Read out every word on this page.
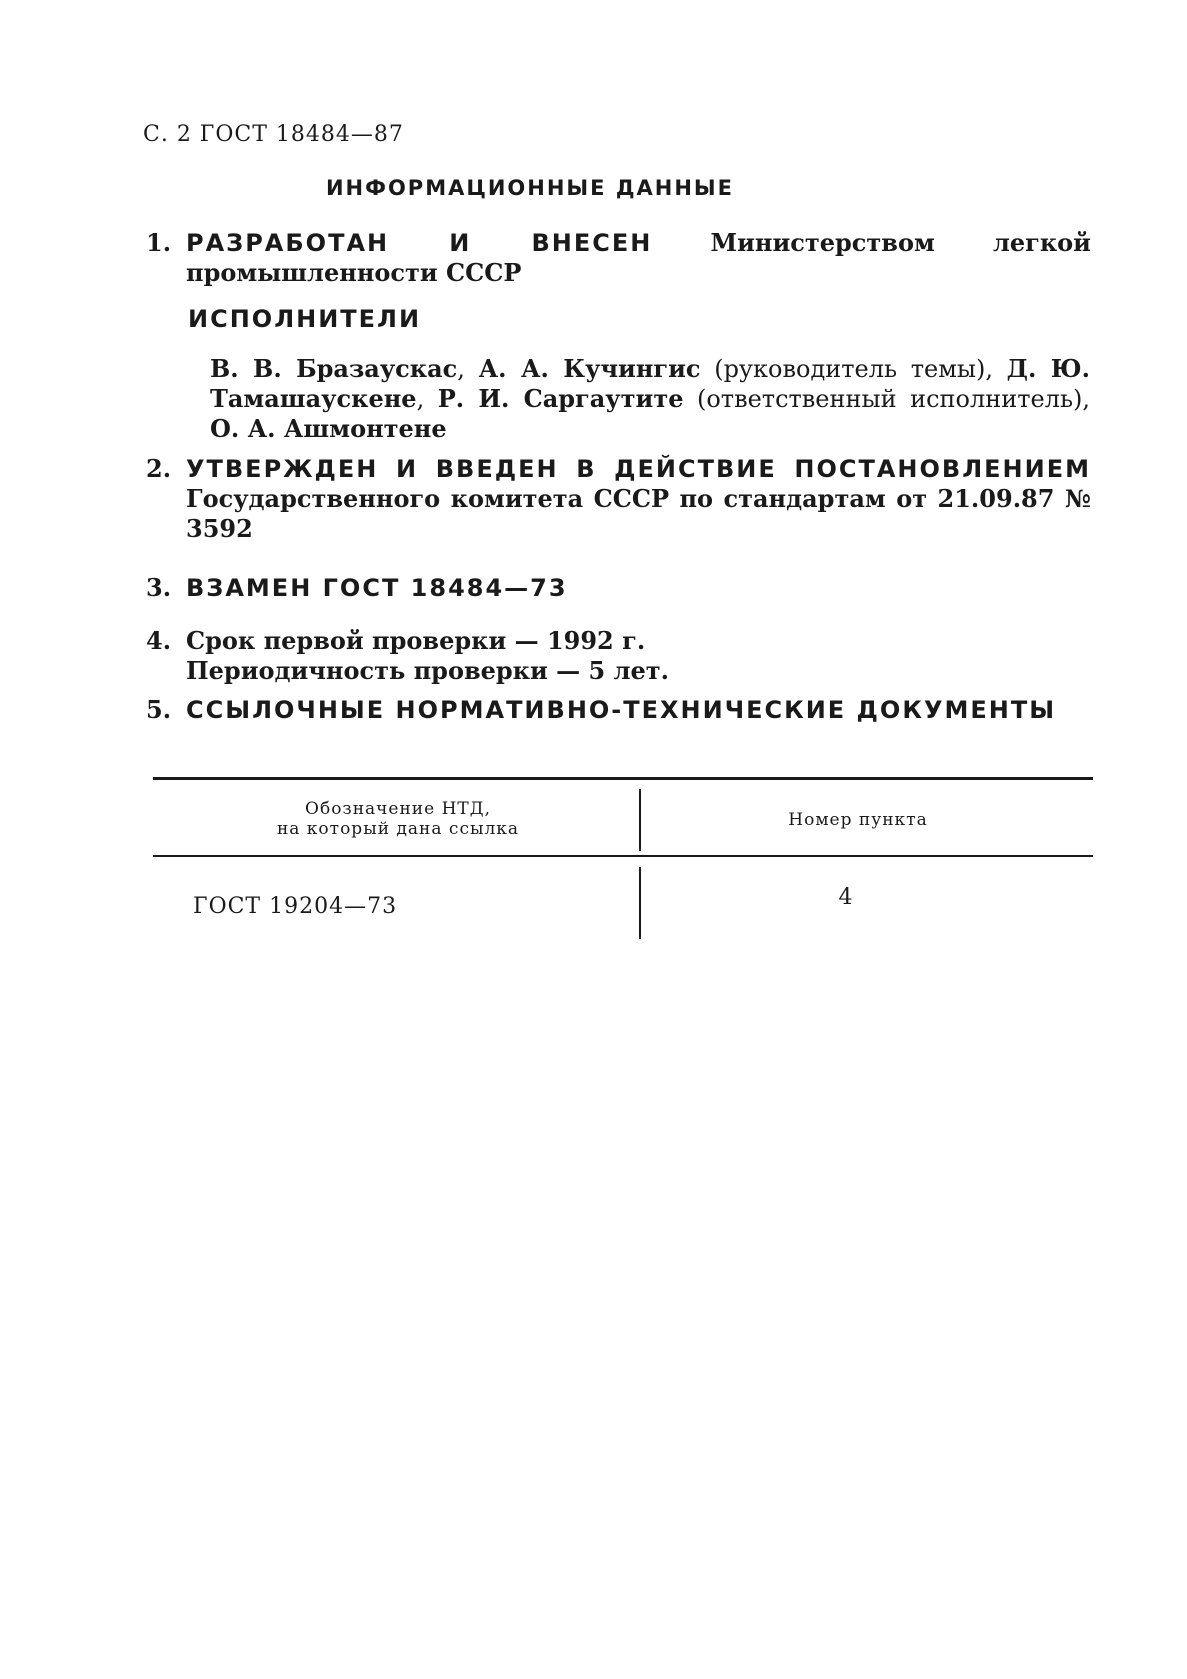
С. 2 ГОСТ 18484—87
ИНФОРМАЦИОННЫЕ ДАННЫЕ
1. РАЗРАБОТАН И ВНЕСЕН Министерством легкой промышленности СССР
ИСПОЛНИТЕЛИ
В. В. Бразаускас, А. А. Кучингис (руководитель темы), Д. Ю. Тамашаускене, Р. И. Саргаутите (ответственный исполнитель), О. А. Ашмонтене
2. УТВЕРЖДЕН И ВВЕДЕН В ДЕЙСТВИЕ ПОСТАНОВЛЕНИЕМ Государственного комитета СССР по стандартам от 21.09.87 № 3592
3. ВЗАМЕН ГОСТ 18484—73
4. Срок первой проверки — 1992 г.
Периодичность проверки — 5 лет.
5. ССЫЛОЧНЫЕ НОРМАТИВНО-ТЕХНИЧЕСКИЕ ДОКУМЕНТЫ
Обозначение НТД,
на который дана ссылка	Номер пункта
ГОСТ 19204—73	4
